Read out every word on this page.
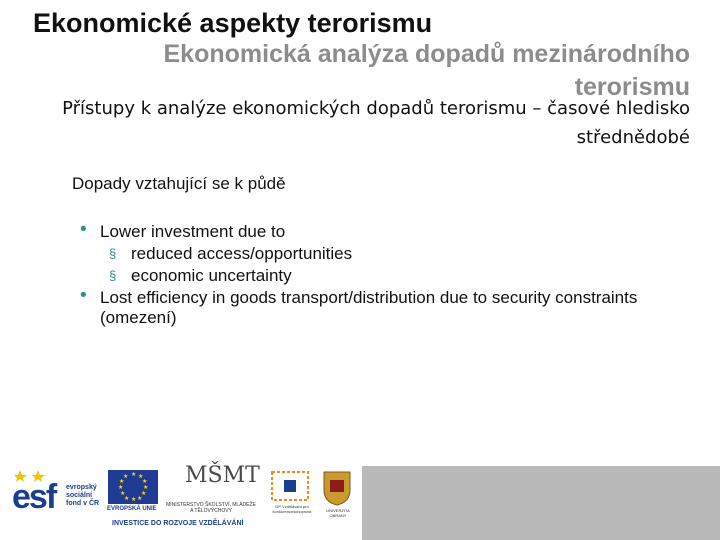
Ekonomické aspekty terorismu
Ekonomická analýza dopadů mezinárodního terorismu
Přístupy k analýze ekonomických dopadů terorismu – časové hledisko střednědobé
Dopady vztahující se k půdě
• Lower investment due to
§ reduced access/opportunities
§ economic uncertainty
• Lost efficiency in goods transport/distribution due to security constraints (omezení)
esf evropský sociální fond v ČR
★ ★
★
★
★
★
★
★
★
★
★
★
EVROPSKÁ UNIE
MŠMT
MINISTERSTVO ŠKOLSTVÍ, MLÁDEŽE A TĚLOVÝCHOVY
OP Vzdělávání pro konkurenceschopnost	UNIVERZITA OBRANY
INVESTICE DO ROZVOJE VZDĚLÁVÁNÍ
